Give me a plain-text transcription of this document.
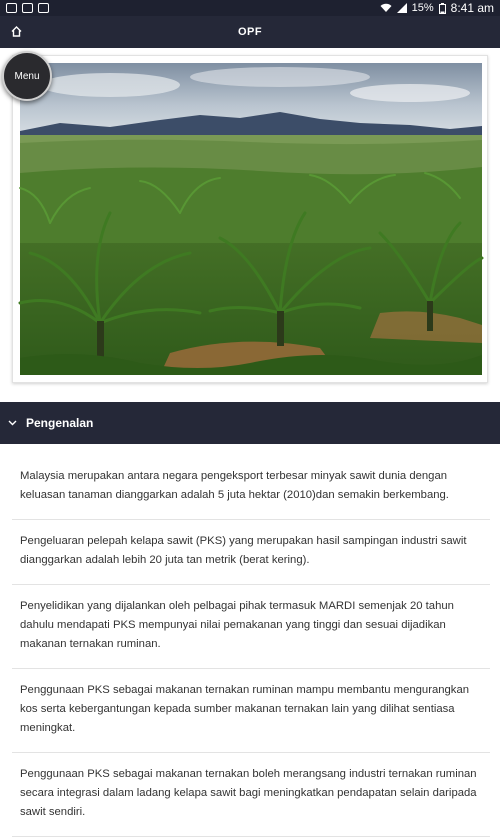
15% 8:41 am
OPF
Menu
Pengenalan
Malaysia merupakan antara negara pengeksport terbesar minyak sawit dunia dengan keluasan tanaman dianggarkan adalah 5 juta hektar (2010)dan semakin berkembang.
Pengeluaran pelepah kelapa sawit (PKS) yang merupakan hasil sampingan industri sawit dianggarkan adalah lebih 20 juta tan metrik (berat kering).
Penyelidikan yang dijalankan oleh pelbagai pihak termasuk MARDI semenjak 20 tahun dahulu mendapati PKS mempunyai nilai pemakanan yang tinggi dan sesuai dijadikan makanan ternakan ruminan.
Penggunaan PKS sebagai makanan ternakan ruminan mampu membantu mengurangkan kos serta kebergantungan kepada sumber makanan ternakan lain yang dilihat sentiasa meningkat.
Penggunaan PKS sebagai makanan ternakan boleh merangsang industri ternakan ruminan secara integrasi dalam ladang kelapa sawit bagi meningkatkan pendapatan selain daripada sawit sendiri.
